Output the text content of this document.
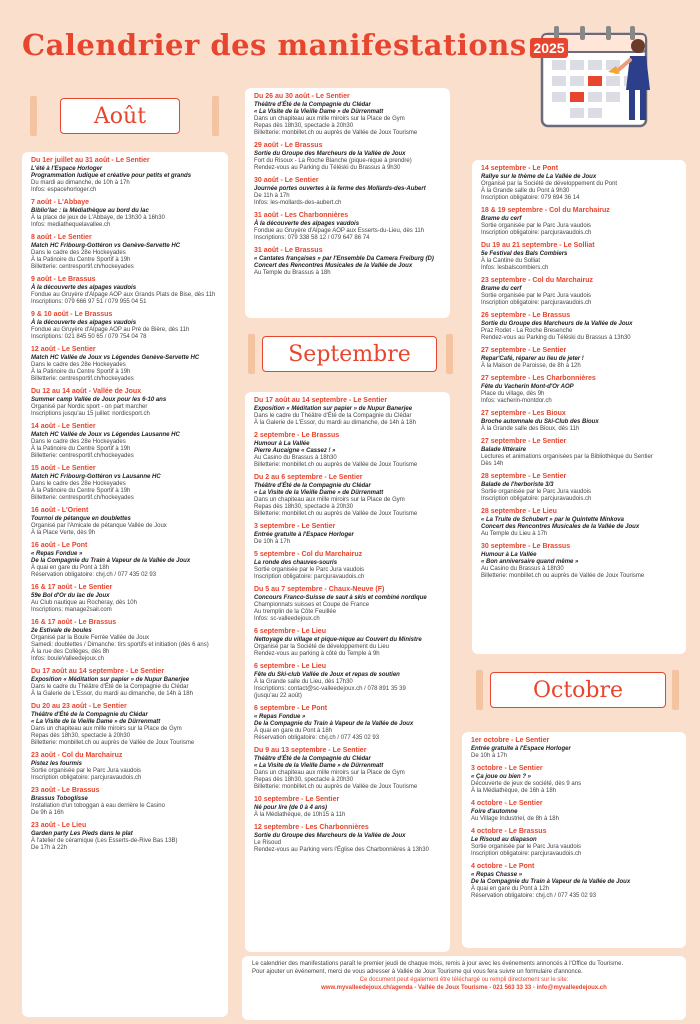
Calendrier des manifestations 2025
Août
Du 1er juillet au 31 août - Le Sentier
L'été à l'Espace Horloger
Programmation ludique et créative pour petits et grands
Du mardi au dimanche, de 10h à 17h
Infos: espacehorloger.ch
7 août - L'Abbaye
Biblio'lac : la Médiathèque au bord du lac
À la place de jeux de L'Abbaye, de 13h30 à 16h30
Infos: mediathequelavallee.ch
8 août - Le Sentier
Match HC Fribourg-Gottéron vs Genève-Servette HC
Dans le cadre des 28e Hockeyades
À la Patinoire du Centre Sportif à 19h
Billetterie: centresportif.ch/hockeyades
9 août - Le Brassus
À la découverte des alpages vaudois
Fondue au Gruyère d'Alpage AOP aux Grands Plats de Bise, dès 11h
Inscriptions: 079 666 97 51 / 079 955 04 51
9 & 10 août - Le Brassus
À la découverte des alpages vaudois
Fondue au Gruyère d'Alpage AOP au Pré de Bière, dès 11h
Inscriptions: 021 845 50 65 / 079 754 04 78
12 août - Le Sentier
Match HC Vallée de Joux vs Légendes Genève-Servette HC
Dans le cadre des 28e Hockeyades
À la Patinoire du Centre Sportif à 19h
Billetterie: centresportif.ch/hockeyades
Du 12 au 14 août - Vallée de Joux
Summer camp Vallée de Joux pour les 6-10 ans
Organisé par Nordic sport - on part marcher
Inscriptions jusqu'au 15 juillet: nordicsport.ch
14 août - Le Sentier
Match HC Vallée de Joux vs Légendes Lausanne HC
Dans le cadre des 28e Hockeyades
À la Patinoire du Centre Sportif à 19h
Billetterie: centresportif.ch/hockeyades
15 août - Le Sentier
Match HC Fribourg-Gottéron vs Lausanne HC
Dans le cadre des 28e Hockeyades
À la Patinoire du Centre Sportif à 19h
Billetterie: centresportif.ch/hockeyades
16 août - L'Orient
Tournoi de pétanque en doublettes
Organisé par l'Amicale de pétanque Vallée de Joux
À la Place Verte, dès 9h
16 août - Le Pont
« Repas Fondue »
De la Compagnie du Train à Vapeur de la Vallée de Joux
À quai en gare du Pont à 18h
Réservation obligatoire: ctvj.ch / 077 435 02 93
16 & 17 août - Le Sentier
59e Bol d'Or du lac de Joux
Au Club nautique au Rocheray, dès 10h
Inscriptions: manage2sail.com
16 & 17 août - Le Brassus
2e Estivale de boules
Organisé par la Boule Ferrée Vallée de Joux
Samedi: doublettes / Dimanche: tirs sportifs et initiation (dès 6 ans)
À la rue des Collèges, dès 8h
Infos: bouleValleedejoux.ch
Du 17 août au 14 septembre - Le Sentier
Exposition « Méditation sur papier » de Nupur Banerjee
Dans le cadre du Théâtre d'Été de la Compagnie du Clédar
À la Galerie de L'Essor, du mardi au dimanche, de 14h à 18h
Du 20 au 23 août - Le Sentier
Théâtre d'Été de la Compagnie du Clédar
« La Visite de la Vieille Dame » de Dürrenmatt
Dans un chapiteau aux mille miroirs sur la Place de Gym
Repas dès 18h30, spectacle à 20h30
Billetterie: monbillet.ch ou auprès de Vallée de Joux Tourisme
23 août - Col du Marchairuz
Pistez les fourmis
Sortie organisée par le Parc Jura vaudois
Inscription obligatoire: parcjuravaudois.ch
23 août - Le Brassus
Brassus Toboglisse
Installation d'un toboggan à eau derrière le Casino
De 9h à 16h
23 août - Le Lieu
Garden party Les Pieds dans le plat
À l'atelier de céramique (Les Esserts-de-Rive Bas 13B)
De 17h à 22h
Du 26 au 30 août - Le Sentier
Théâtre d'Été de la Compagnie du Clédar
« La Visite de la Vieille Dame » de Dürrenmatt
Dans un chapiteau aux mille miroirs sur la Place de Gym
Repas dès 18h30, spectacle à 20h30
Billetterie: monbillet.ch ou auprès de Vallée de Joux Tourisme
29 août - Le Brassus
Sortie du Groupe des Marcheurs de la Vallée de Joux
Fort du Risoux - La Roche Blanche (pique-nique à prendre)
Rendez-vous au Parking du Téléski du Brassus à 9h30
30 août - Le Sentier
Journée portes ouvertes à la ferme des Mollards-des-Aubert
De 11h à 17h
Infos: les-mollards-des-aubert.ch
31 août - Les Charbonnières
À la découverte des alpages vaudois
Fondue au Gruyère d'Alpage AOP aux Esserts-du-Lieu, dès 11h
Inscriptions: 079 338 58 12 / 079 647 86 74
31 août - Le Brassus
« Cantates françaises » par l'Ensemble Da Camera Freiburg (D)
Concert des Rencontres Musicales de la Vallée de Joux
Au Temple du Brassus à 18h
Septembre
Du 17 août au 14 septembre - Le Sentier
Exposition « Méditation sur papier » de Nupur Banerjee
Dans le cadre du Théâtre d'Été de la Compagnie du Clédar
À la Galerie de L'Essor, du mardi au dimanche, de 14h à 18h
2 septembre - Le Brassus
Humour à La Vallée
Pierre Aucaigne « Cassez ! »
Au Casino du Brassus à 18h30
Billetterie: monbillet.ch ou auprès de Vallée de Joux Tourisme
Du 2 au 6 septembre - Le Sentier
Théâtre d'Été de la Compagnie du Clédar
« La Visite de la Vieille Dame » de Dürrenmatt
Dans un chapiteau aux mille miroirs sur la Place de Gym
Repas dès 18h30, spectacle à 20h30
Billetterie: monbillet.ch ou auprès de Vallée de Joux Tourisme
3 septembre - Le Sentier
Entrée gratuite à l'Espace Horloger
De 10h à 17h
5 septembre - Col du Marchairuz
La ronde des chauves-souris
Sortie organisée par le Parc Jura vaudois
Inscription obligatoire: parcjuravaudois.ch
Du 5 au 7 septembre - Chaux-Neuve (F)
Concours Franco-Suisse de saut à skis et combiné nordique
Championnats suisses et Coupe de France
Au tremplin de la Côte Feuillée
Infos: sc-valleedejoux.ch
6 septembre - Le Lieu
Nettoyage du village et pique-nique au Couvert du Ministre
Organisé par la Société de développement du Lieu
Rendez-vous au parking à côté du Temple à 9h
6 septembre - Le Lieu
Fête du Ski-club Vallée de Joux et repas de soutien
À la Grande salle du Lieu, dès 17h30
Inscriptions: contact@sc-valleedejoux.ch / 078 891 35 39
(jusqu'au 22 août)
6 septembre - Le Pont
« Repas Fondue »
De la Compagnie du Train à Vapeur de la Vallée de Joux
À quai en gare du Pont à 18h
Réservation obligatoire: ctvj.ch / 077 435 02 93
Du 9 au 13 septembre - Le Sentier
Théâtre d'Été de la Compagnie du Clédar
« La Visite de la Vieille Dame » de Dürrenmatt
Dans un chapiteau aux mille miroirs sur la Place de Gym
Repas dès 18h30, spectacle à 20h30
Billetterie: monbillet.ch ou auprès de Vallée de Joux Tourisme
10 septembre - Le Sentier
Né pour lire (de 0 à 4 ans)
À la Médiathèque, de 10h15 à 11h
12 septembre - Les Charbonnières
Sortie du Groupe des Marcheurs de la Vallée de Joux
Le Risoud
Rendez-vous au Parking vers l'Église des Charbonnières à 13h30
14 septembre - Le Pont
Rallye sur le thème de La Vallée de Joux
Organisé par la Société de développement du Pont
À la Grande salle du Pont à 9h30
Inscription obligatoire: 079 694 36 14
18 & 19 septembre - Col du Marchairuz
Brame du cerf
Sortie organisée par le Parc Jura vaudois
Inscription obligatoire: parcjuravaudois.ch
Du 19 au 21 septembre - Le Solliat
5e Festival des Bals Combiers
À la Cantine du Solliat
Infos: lesbalscombiers.ch
23 septembre - Col du Marchairuz
Brame du cerf
Sortie organisée par le Parc Jura vaudois
Inscription obligatoire: parcjuravaudois.ch
26 septembre - Le Brassus
Sortie du Groupe des Marcheurs de la Vallée de Joux
Praz Rodet - La Roche Bresenche
Rendez-vous au Parking du Téléski du Brassus à 13h30
27 septembre - Le Sentier
Repar'Café, réparer au lieu de jeter !
À la Maison de Paroisse, de 8h à 12h
27 septembre - Les Charbonnières
Fête du Vacherin Mont-d'Or AOP
Place du village, dès 9h
Infos: vacherin-montdor.ch
27 septembre - Les Bioux
Broche automnale du Ski-Club des Bioux
À la Grande salle des Bioux, dès 11h
27 septembre - Le Sentier
Balade littéraire
Lectures et animations organisées par la Bibliothèque du Sentier
Dès 14h
28 septembre - Le Sentier
Balade de l'herboriste 3/3
Sortie organisée par le Parc Jura vaudois
Inscription obligatoire: parcjuravaudois.ch
28 septembre - Le Lieu
« La Truite de Schubert » par le Quintette Minkova
Concert des Rencontres Musicales de la Vallée de Joux
Au Temple du Lieu à 17h
30 septembre - Le Brassus
Humour à La Vallée
« Bon anniversaire quand même »
Au Casino du Brassus à 18h30
Billetterie: monbillet.ch ou auprès de Vallée de Joux Tourisme
Octobre
1er octobre - Le Sentier
Entrée gratuite à l'Espace Horloger
De 10h à 17h
3 octobre - Le Sentier
« Ça joue ou bien ? »
Découverte de jeux de société, dès 9 ans
À la Médiathèque, de 16h à 18h
4 octobre - Le Sentier
Foire d'automne
Au Village Industriel, de 8h à 18h
4 octobre - Le Brassus
Le Risoud au diapason
Sortie organisée par le Parc Jura vaudois
Inscription obligatoire: parcjuravaudois.ch
4 octobre - Le Pont
« Repas Chasse »
De la Compagnie du Train à Vapeur de la Vallée de Joux
À quai en gare du Pont à 12h
Réservation obligatoire: ctvj.ch / 077 435 02 93
Le calendrier des manifestations paraît le premier jeudi de chaque mois, remis à jour avec les événements annoncés à l'Office du Tourisme.
Pour ajouter un événement, merci de vous adresser à Vallée de Joux Tourisme qui vous fera suivre un formulaire d'annonce.
Ce document peut également être téléchargé ou rempli directement sur le site:
www.myvalleedejoux.ch/agenda - Vallée de Joux Tourisme - 021 563 33 33 - info@myvalleedejoux.ch
